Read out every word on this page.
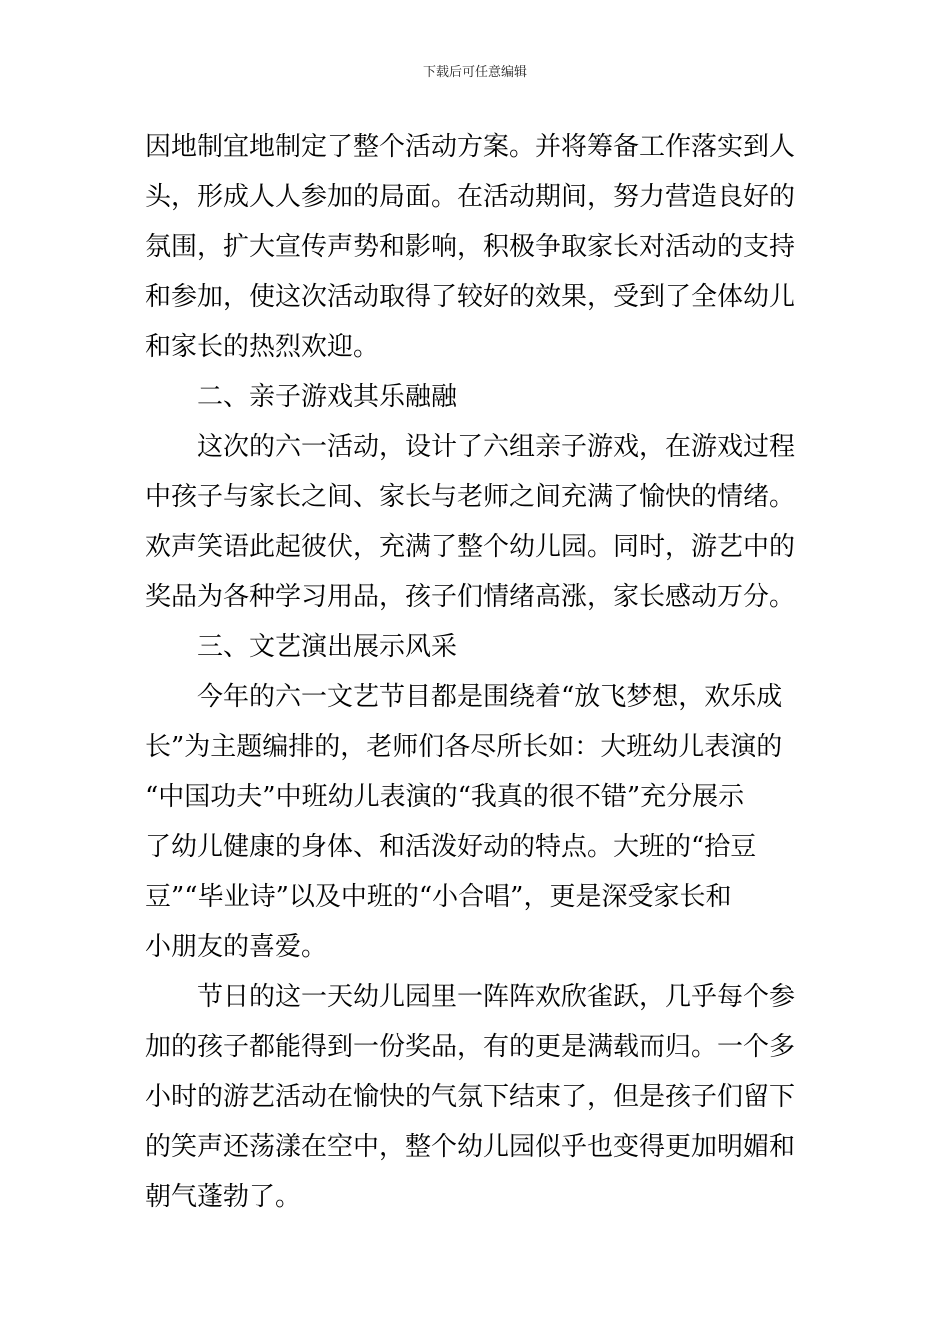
下载后可任意编辑
因地制宜地制定了整个活动方案。并将筹备工作落实到人
头，形成人人参加的局面。在活动期间，努力营造良好的
氛围，扩大宣传声势和影响，积极争取家长对活动的支持
和参加，使这次活动取得了较好的效果，受到了全体幼儿
和家长的热烈欢迎。
二、亲子游戏其乐融融
这次的六一活动，设计了六组亲子游戏，在游戏过程
中孩子与家长之间、家长与老师之间充满了愉快的情绪。
欢声笑语此起彼伏，充满了整个幼儿园。同时，游艺中的
奖品为各种学习用品，孩子们情绪高涨，家长感动万分。
三、文艺演出展示风采
今年的六一文艺节目都是围绕着“放飞梦想，欢乐成
长”为主题编排的，老师们各尽所长如：大班幼儿表演的
“中国功夫”中班幼儿表演的“我真的很不错”充分展示
了幼儿健康的身体、和活泼好动的特点。大班的“拾豆
豆”“毕业诗”以及中班的“小合唱”，更是深受家长和
小朋友的喜爱。
节日的这一天幼儿园里一阵阵欢欣雀跃，几乎每个参
加的孩子都能得到一份奖品，有的更是满载而归。一个多
小时的游艺活动在愉快的气氛下结束了，但是孩子们留下
的笑声还荡漾在空中，整个幼儿园似乎也变得更加明媚和
朝气蓬勃了。
